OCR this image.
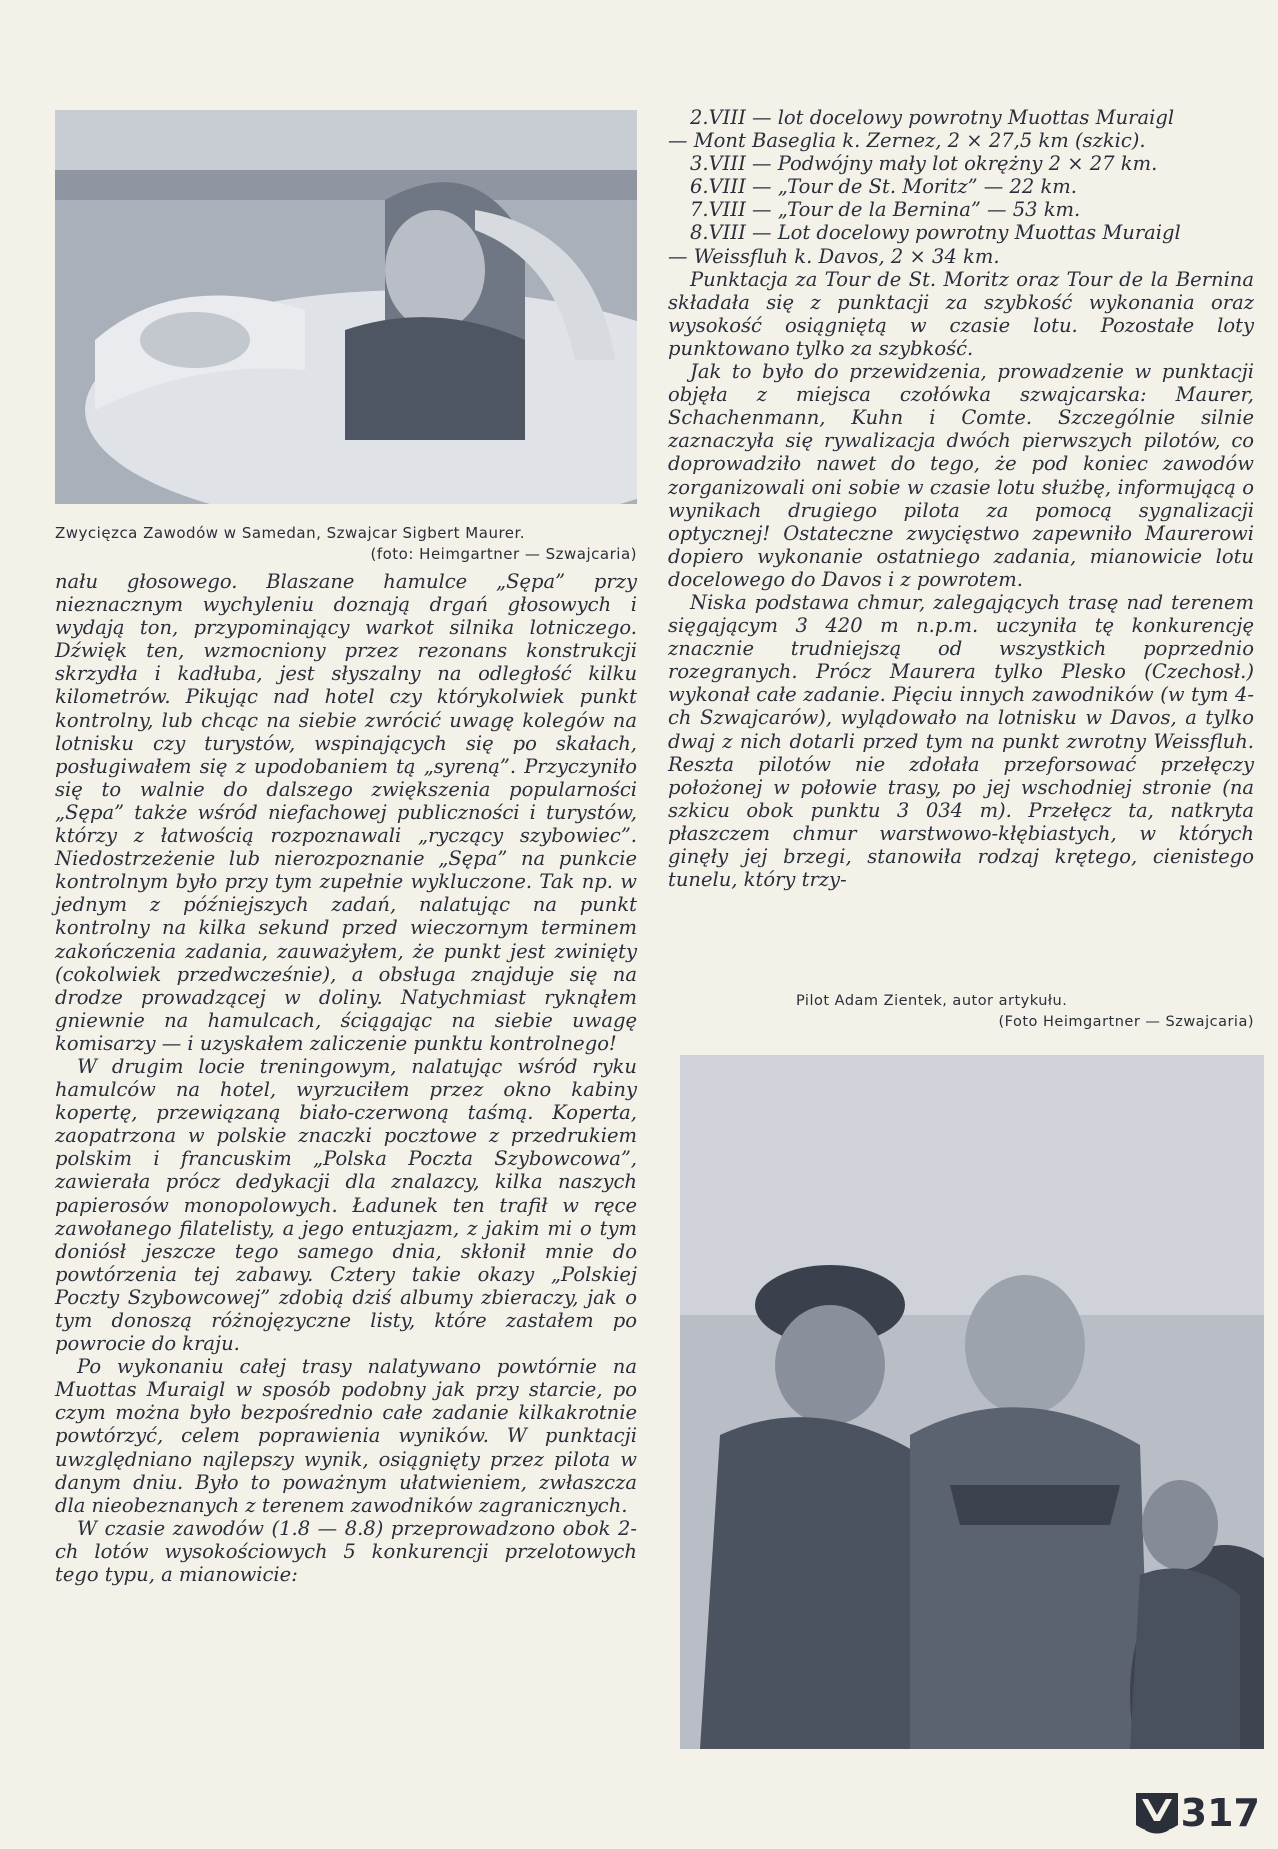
Zwycięzca Zawodów w Samedan, Szwajcar Sigbert Maurer.
(foto: Heimgartner — Szwajcaria)

nału głosowego. Blaszane hamulce „Sępa” przy nieznacznym wychyleniu doznają drgań głosowych i wydają ton, przypominający warkot silnika lotniczego. Dźwięk ten, wzmocniony przez rezonans konstrukcji skrzydła i kadłuba, jest słyszalny na odległość kilku kilometrów. Pikując nad hotel czy którykolwiek punkt kontrolny, lub chcąc na siebie zwrócić uwagę kolegów na lotnisku czy turystów, wspinających się po skałach, posługiwałem się z upodobaniem tą „syreną”. Przyczyniło się to walnie do dalszego zwiększenia popularności „Sępa” także wśród niefachowej publiczności i turystów, którzy z łatwością rozpoznawali „ryczący szybowiec”. Niedostrzeżenie lub nierozpoznanie „Sępa” na punkcie kontrolnym było przy tym zupełnie wykluczone. Tak np. w jednym z późniejszych zadań, nalatując na punkt kontrolny na kilka sekund przed wieczornym terminem zakończenia zadania, zauważyłem, że punkt jest zwinięty (cokolwiek przedwcześnie), a obsługa znajduje się na drodze prowadzącej w doliny. Natychmiast ryknąłem gniewnie na hamulcach, ściągając na siebie uwagę komisarzy — i uzyskałem zaliczenie punktu kontrolnego!

W drugim locie treningowym, nalatując wśród ryku hamulców na hotel, wyrzuciłem przez okno kabiny kopertę, przewiązaną biało-czerwoną taśmą. Koperta, zaopatrzona w polskie znaczki pocztowe z przedrukiem polskim i francuskim „Polska Poczta Szybowcowa”, zawierała prócz dedykacji dla znalazcy, kilka naszych papierosów monopolowych. Ładunek ten trafił w ręce zawołanego filatelisty, a jego entuzjazm, z jakim mi o tym doniósł jeszcze tego samego dnia, skłonił mnie do powtórzenia tej zabawy. Cztery takie okazy „Polskiej Poczty Szybowcowej” zdobią dziś albumy zbieraczy, jak o tym donoszą różnojęzyczne listy, które zastałem po powrocie do kraju.

Po wykonaniu całej trasy nalatywano powtórnie na Muottas Muraigl w sposób podobny jak przy starcie, po czym można było bezpośrednio całe zadanie kilkakrotnie powtórzyć, celem poprawienia wyników. W punktacji uwzględniano najlepszy wynik, osiągnięty przez pilota w danym dniu. Było to poważnym ułatwieniem, zwłaszcza dla nieobeznanych z terenem zawodników zagranicznych.

W czasie zawodów (1.8 — 8.8) przeprowadzono obok 2-ch lotów wysokościowych 5 konkurencji przelotowych tego typu, a mianowicie:

2.VIII — lot docelowy powrotny Muottas Muraigl
— Mont Baseglia k. Zernez, 2 × 27,5 km (szkic).
3.VIII — Podwójny mały lot okrężny 2 × 27 km.
6.VIII — „Tour de St. Moritz” — 22 km.
7.VIII — „Tour de la Bernina” — 53 km.
8.VIII — Lot docelowy powrotny Muottas Muraigl
— Weissfluh k. Davos, 2 × 34 km.

Punktacja za Tour de St. Moritz oraz Tour de la Bernina składała się z punktacji za szybkość wykonania oraz wysokość osiągniętą w czasie lotu. Pozostałe loty punktowano tylko za szybkość.

Jak to było do przewidzenia, prowadzenie w punktacji objęła z miejsca czołówka szwajcarska: Maurer, Schachenmann, Kuhn i Comte. Szczególnie silnie zaznaczyła się rywalizacja dwóch pierwszych pilotów, co doprowadziło nawet do tego, że pod koniec zawodów zorganizowali oni sobie w czasie lotu służbę, informującą o wynikach drugiego pilota za pomocą sygnalizacji optycznej! Ostateczne zwycięstwo zapewniło Maurerowi dopiero wykonanie ostatniego zadania, mianowicie lotu docelowego do Davos i z powrotem.

Niska podstawa chmur, zalegających trasę nad terenem sięgającym 3 420 m n.p.m. uczyniła tę konkurencję znacznie trudniejszą od wszystkich poprzednio rozegranych. Prócz Maurera tylko Plesko (Czechosł.) wykonał całe zadanie. Pięciu innych zawodników (w tym 4-ch Szwajcarów), wylądowało na lotnisku w Davos, a tylko dwaj z nich dotarli przed tym na punkt zwrotny Weissfluh. Reszta pilotów nie zdołała przeforsować przełęczy położonej w połowie trasy, po jej wschodniej stronie (na szkicu obok punktu 3 034 m). Przełęcz ta, natkryta płaszczem chmur warstwowo-kłębiastych, w których ginęły jej brzegi, stanowiła rodzaj krętego, cienistego tunelu, który trzy-

Pilot Adam Zientek, autor artykułu.
(Foto Heimgartner — Szwajcaria)
317
